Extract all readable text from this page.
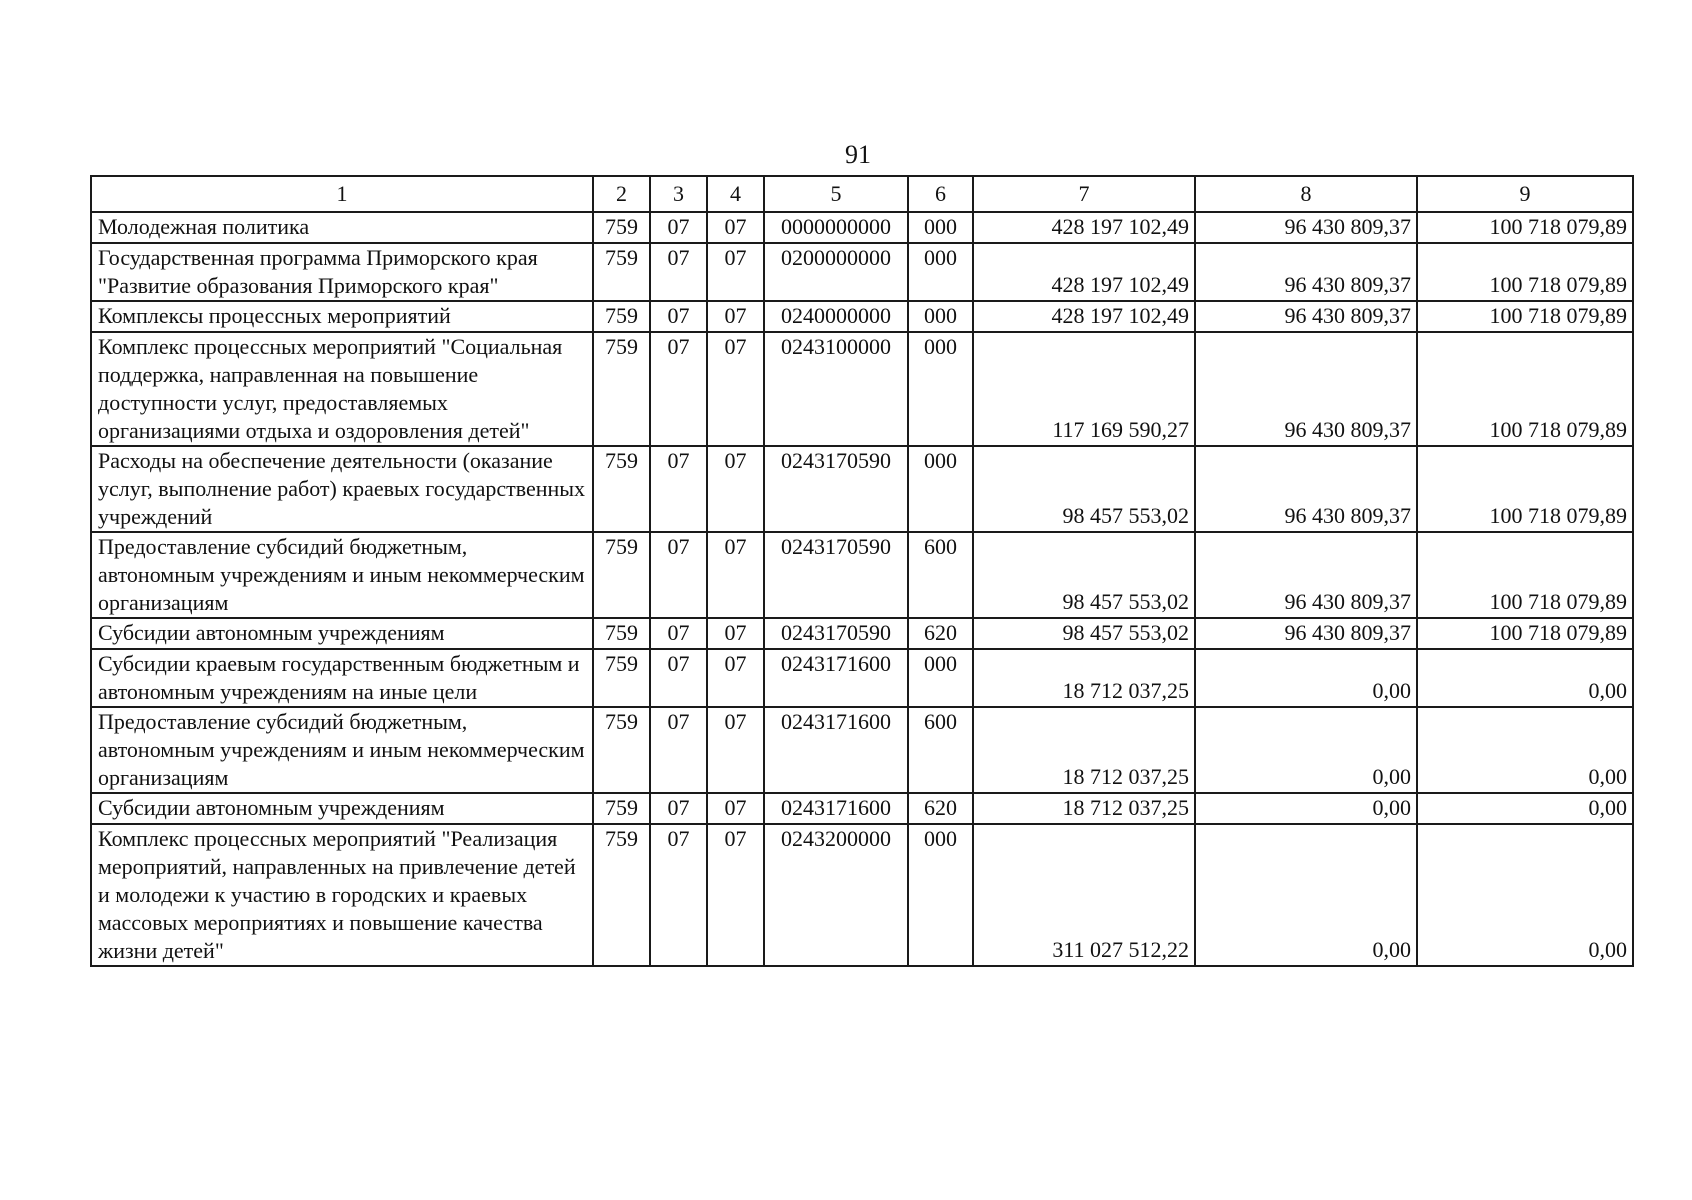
91
1	2	3	4	5	6	7	8	9
Молодежная политика	759	07	07	0000000000	000	428 197 102,49	96 430 809,37	100 718 079,89
Государственная программа Приморского края "Развитие образования Приморского края"	759	07	07	0200000000	000	428 197 102,49	96 430 809,37	100 718 079,89
Комплексы процессных мероприятий	759	07	07	0240000000	000	428 197 102,49	96 430 809,37	100 718 079,89
Комплекс процессных мероприятий "Социальная поддержка, направленная на повышение доступности услуг, предоставляемых организациями отдыха и оздоровления детей"	759	07	07	0243100000	000	117 169 590,27	96 430 809,37	100 718 079,89
Расходы на обеспечение деятельности (оказание услуг, выполнение работ) краевых государственных учреждений	759	07	07	0243170590	000	98 457 553,02	96 430 809,37	100 718 079,89
Предоставление субсидий бюджетным, автономным учреждениям и иным некоммерческим организациям	759	07	07	0243170590	600	98 457 553,02	96 430 809,37	100 718 079,89
Субсидии автономным учреждениям	759	07	07	0243170590	620	98 457 553,02	96 430 809,37	100 718 079,89
Субсидии краевым государственным бюджетным и автономным учреждениям на иные цели	759	07	07	0243171600	000	18 712 037,25	0,00	0,00
Предоставление субсидий бюджетным, автономным учреждениям и иным некоммерческим организациям	759	07	07	0243171600	600	18 712 037,25	0,00	0,00
Субсидии автономным учреждениям	759	07	07	0243171600	620	18 712 037,25	0,00	0,00
Комплекс процессных мероприятий "Реализация мероприятий, направленных на привлечение детей и молодежи к участию в городских и краевых массовых мероприятиях и повышение качества жизни детей"	759	07	07	0243200000	000	311 027 512,22	0,00	0,00
